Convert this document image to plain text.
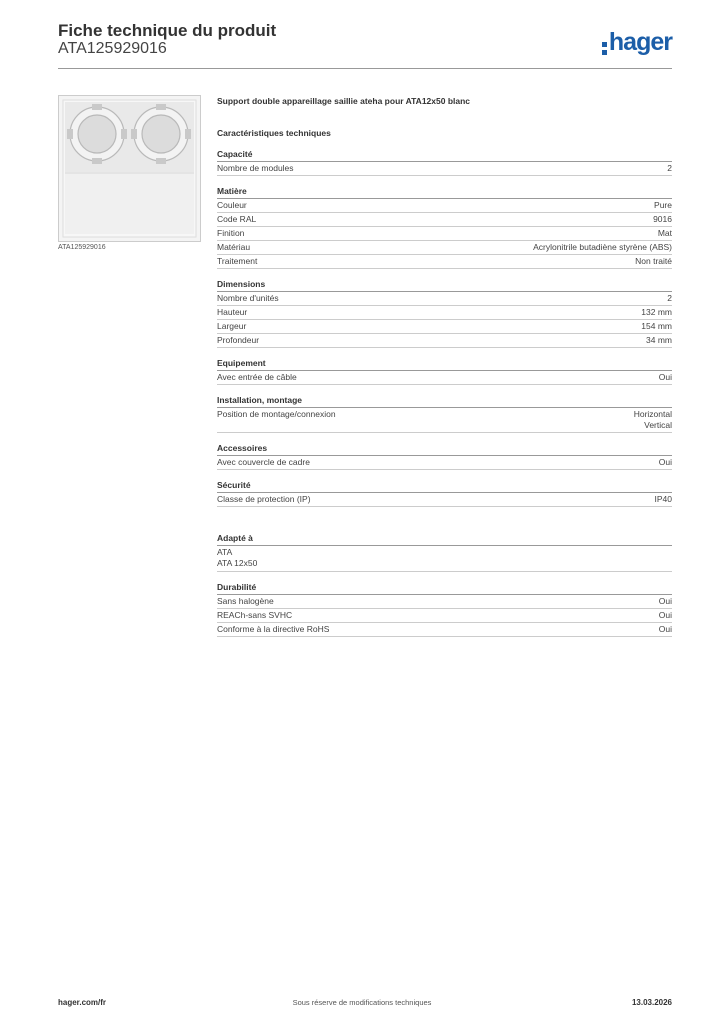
Fiche technique du produit
ATA125929016	hager
ATA125929016
Support double appareillage saillie ateha pour ATA12x50 blanc
Caractéristiques techniques
Capacité
Nombre de modules	2
Matière
Couleur	Pure
Code RAL	9016
Finition	Mat
Matériau	Acrylonitrile butadiène styrène (ABS)
Traitement	Non traité
Dimensions
Nombre d'unités	2
Hauteur	132 mm
Largeur	154 mm
Profondeur	34 mm
Equipement
Avec entrée de câble	Oui
Installation, montage
Position de montage/connexion	Horizontal
Vertical
Accessoires
Avec couvercle de cadre	Oui
Sécurité
Classe de protection (IP)	IP40
Adapté à
ATA
ATA 12x50
Durabilité
Sans halogène	Oui
REACh-sans SVHC	Oui
Conforme à la directive RoHS	Oui
Sous réserve de modifications techniques
hager.com/fr	13.03.2026
